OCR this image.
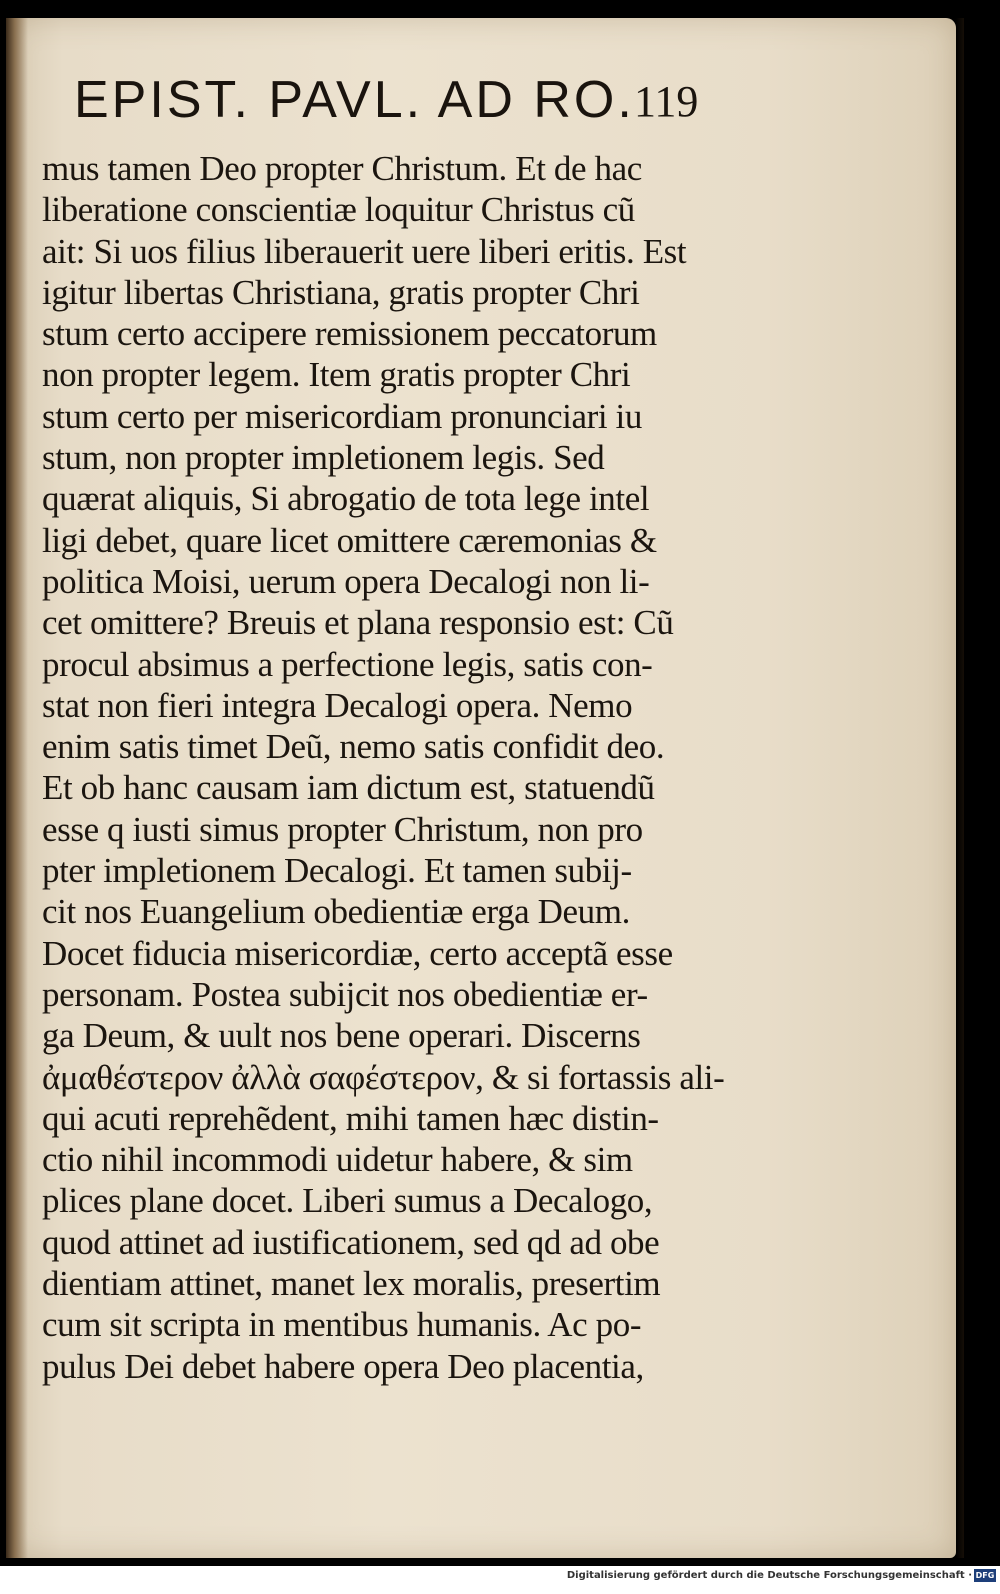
EPIST. PAVL. AD RO. 119
mus tamen Deo propter Christum. Et de hac
liberatione conscientiæ loquitur Christus cũ
ait: Si uos filius liberauerit uere liberi eritis. Est
igitur libertas Christiana, gratis propter Chri
stum certo accipere remissionem peccatorum
non propter legem. Item gratis propter Chri
stum certo per misericordiam pronunciari iu
stum, non propter impletionem legis. Sed
quærat aliquis, Si abrogatio de tota lege intel
ligi debet, quare licet omittere cæremonias &
politica Moisi, uerum opera Decalogi non li-
cet omittere? Breuis et plana responsio est: Cũ
procul absimus a perfectione legis, satis con-
stat non fieri integra Decalogi opera. Nemo
enim satis timet Deũ, nemo satis confidit deo.
Et ob hanc causam iam dictum est, statuendũ
esse q iusti simus propter Christum, non pro
pter impletionem Decalogi. Et tamen subij-
cit nos Euangelium obedientiæ erga Deum.
Docet fiducia misericordiæ, certo acceptã esse
personam. Postea subijcit nos obedientiæ er-
ga Deum, & uult nos bene operari. Discerns
ἀμαθέστερον ἀλλὰ σαφέστερον, & si fortassis ali-
qui acuti reprehẽdent, mihi tamen hæc distin-
ctio nihil incommodi uidetur habere, & sim
plices plane docet. Liberi sumus a Decalogo,
quod attinet ad iustificationem, sed qd ad obe
dientiam attinet, manet lex moralis, presertim
cum sit scripta in mentibus humanis. Ac po-
pulus Dei debet habere opera Deo placentia,
Digitalisierung gefördert durch die Deutsche Forschungsgemeinschaft · DFG
